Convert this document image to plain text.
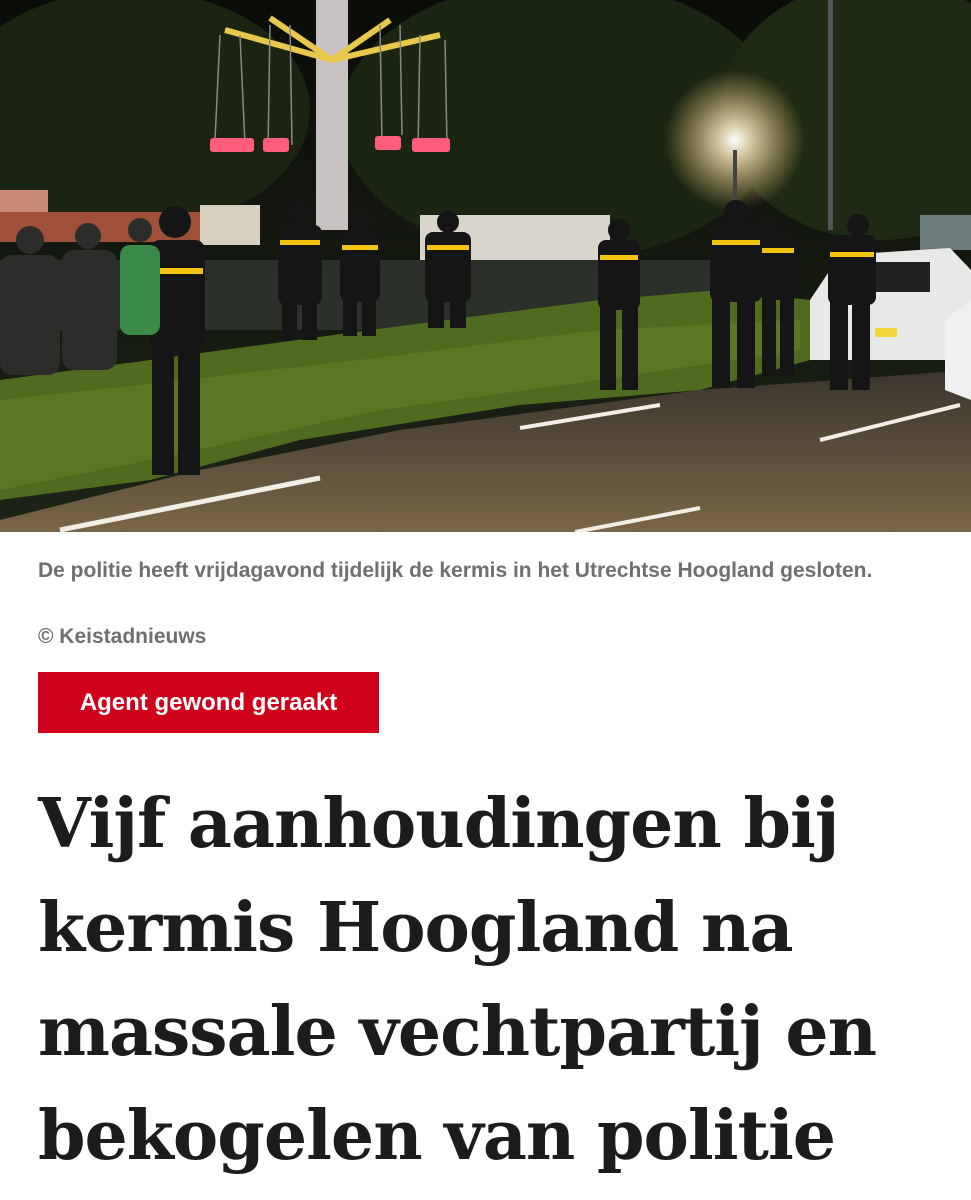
De politie heeft vrijdagavond tijdelijk de kermis in het Utrechtse Hoogland gesloten.
© Keistadnieuws
Agent gewond geraakt
Vijf aanhoudingen bij kermis Hoogland na massale vechtpartij en bekogelen van politie
